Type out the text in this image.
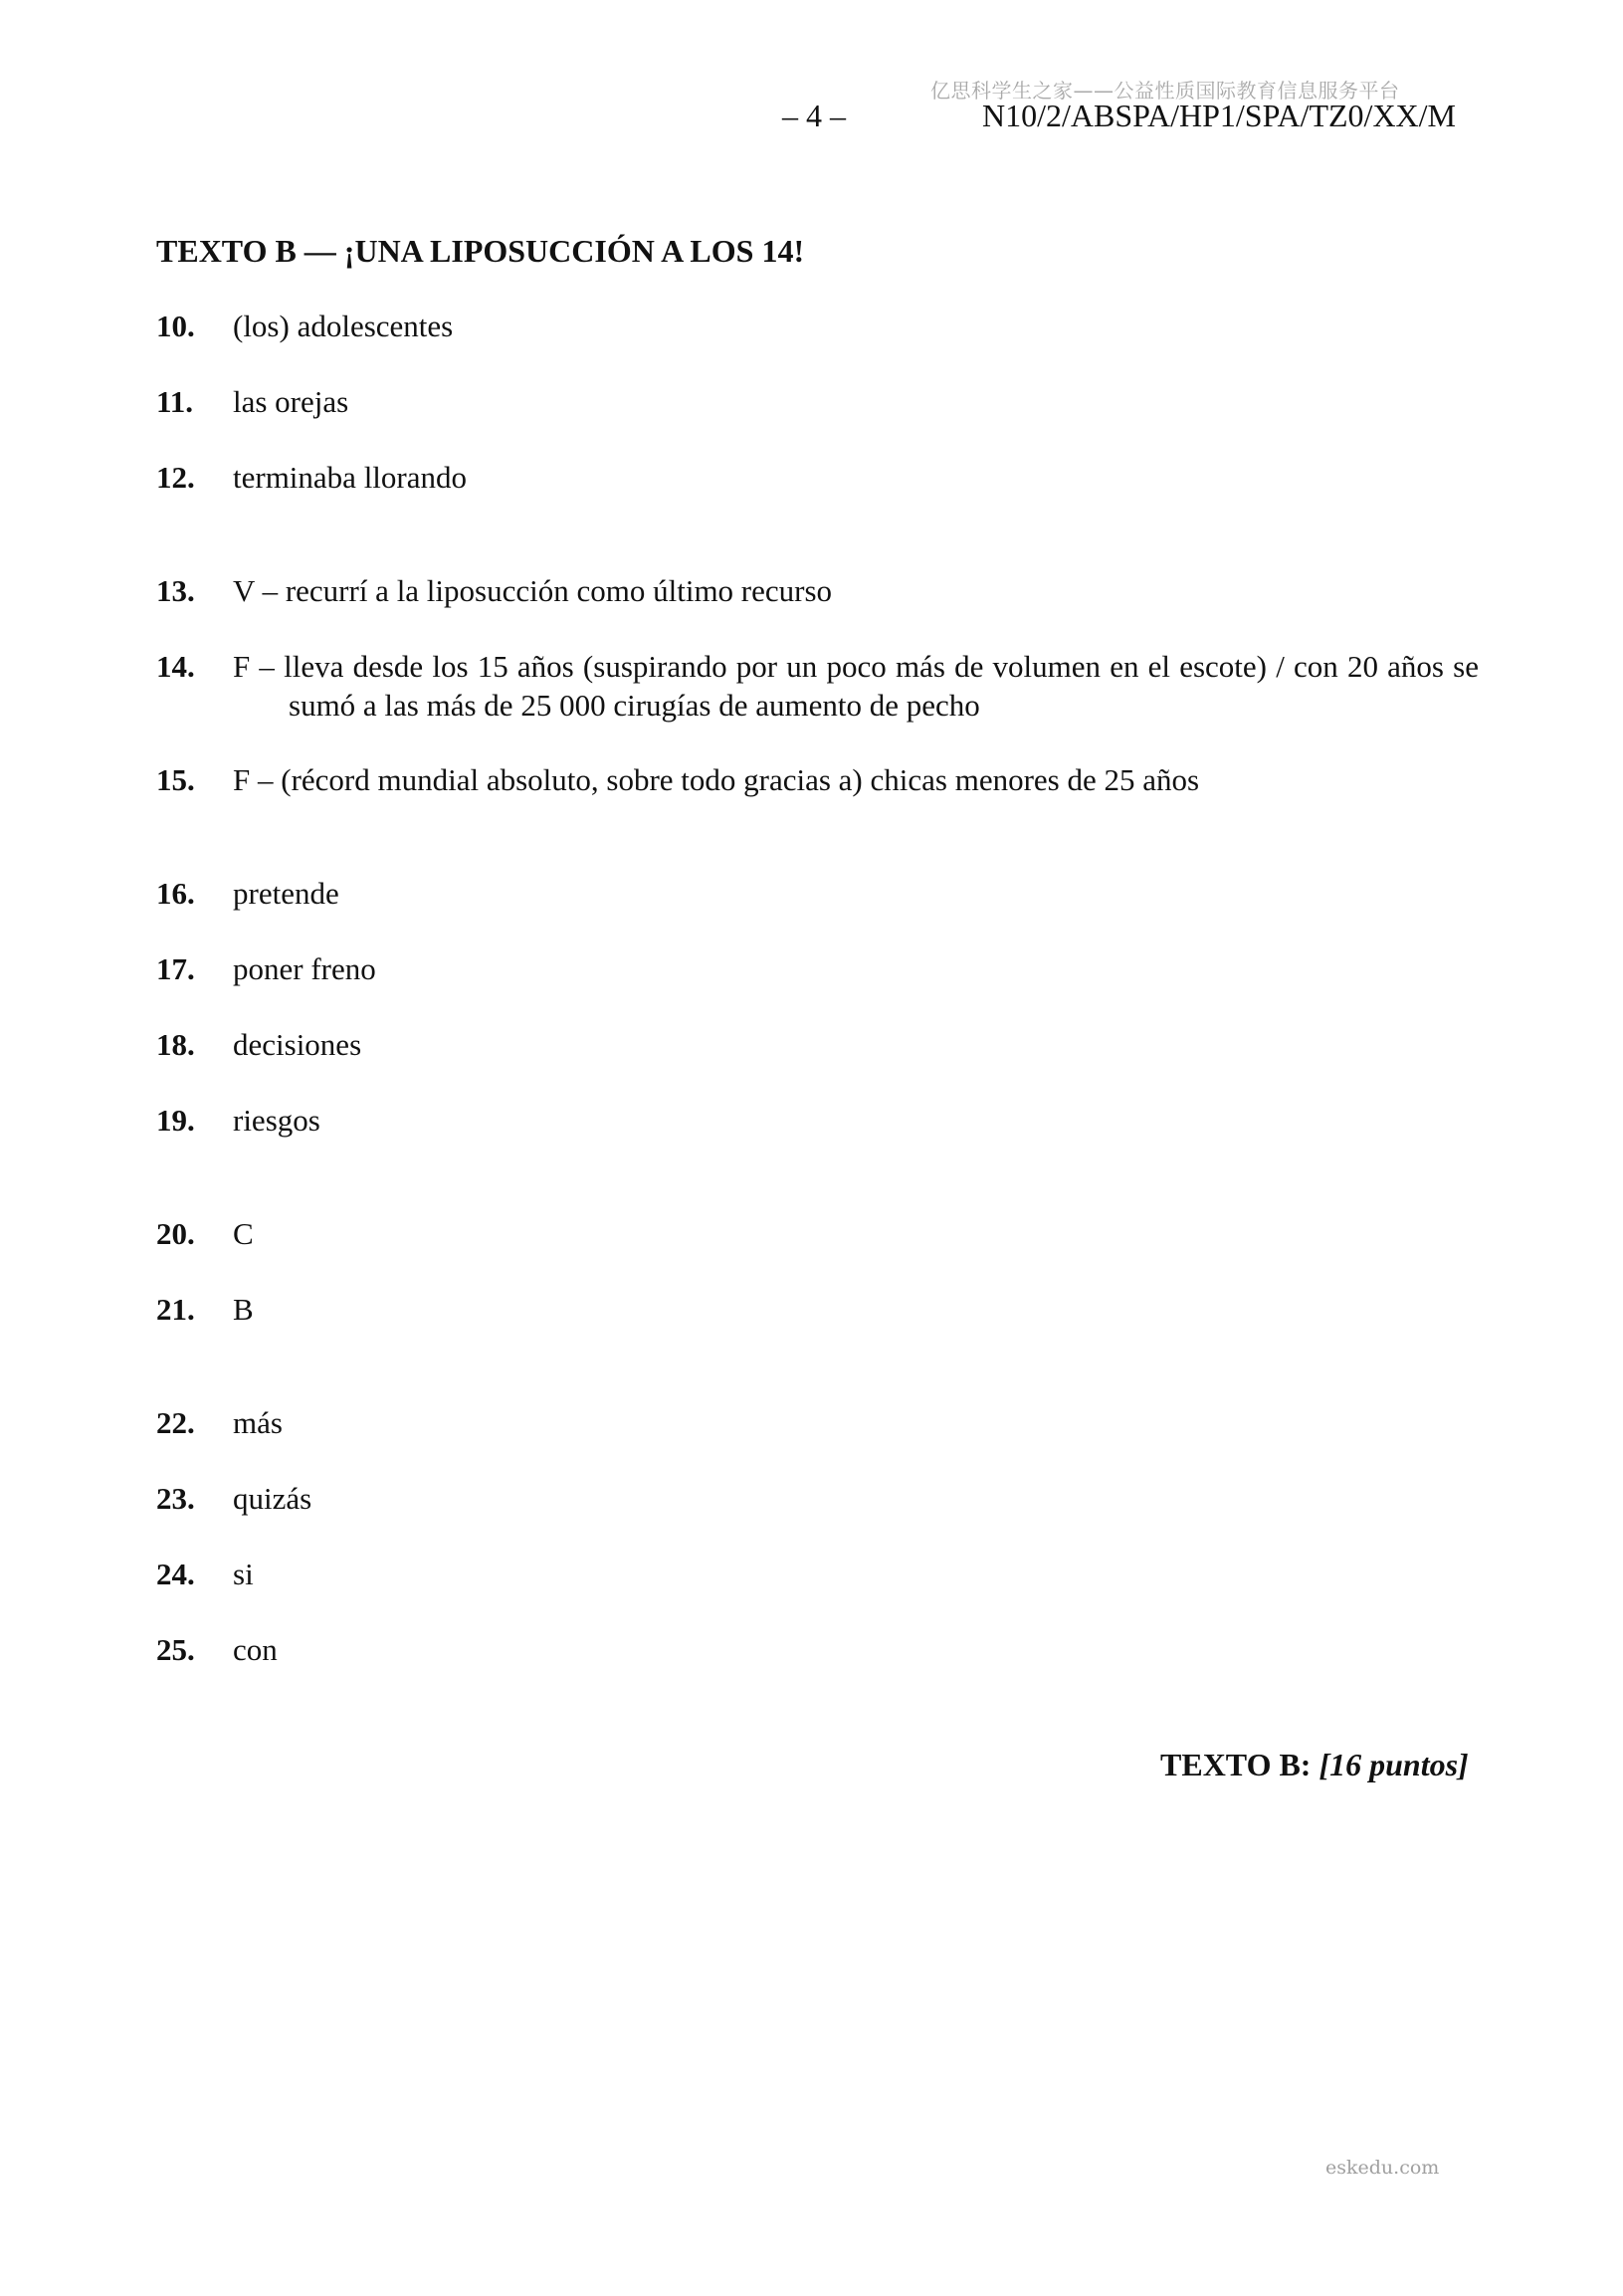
亿思科学生之家——公益性质国际教育信息服务平台
– 4 –	N10/2/ABSPA/HP1/SPA/TZ0/XX/M
TEXTO B — ¡UNA LIPOSUCCIÓN A LOS 14!
10. (los) adolescentes
11. las orejas
12. terminaba llorando
13. V – recurrí a la liposucción como último recurso
14. F – lleva desde los 15 años (suspirando por un poco más de volumen en el escote) / con 20 años se sumó a las más de 25 000 cirugías de aumento de pecho
15. F – (récord mundial absoluto, sobre todo gracias a) chicas menores de 25 años
16. pretende
17. poner freno
18. decisiones
19. riesgos
20. C
21. B
22. más
23. quizás
24. si
25. con
TEXTO B: [16 puntos]
eskedu.com
